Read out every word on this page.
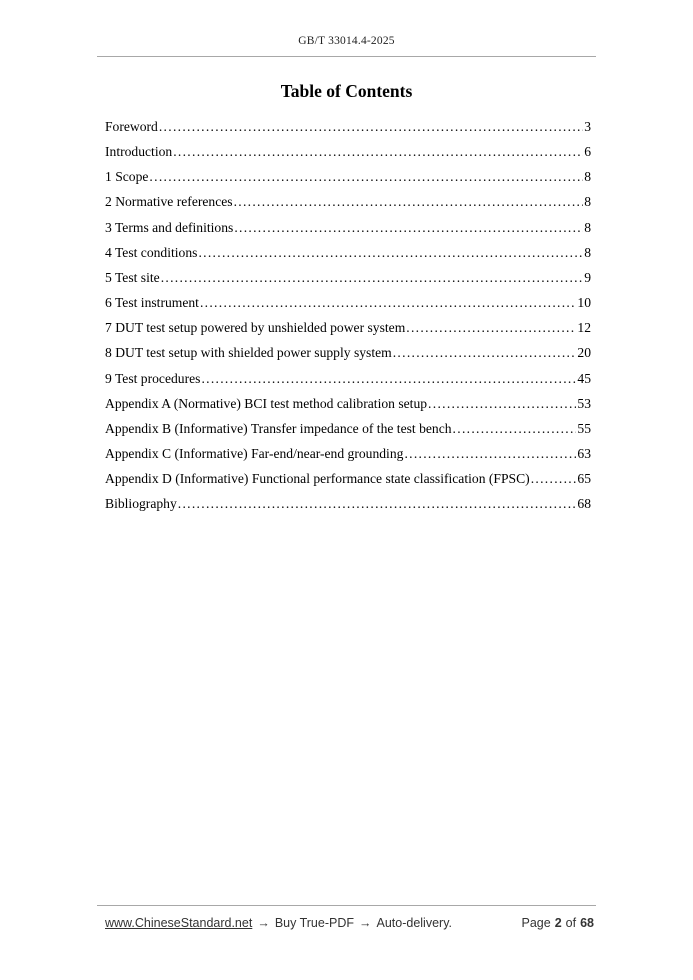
GB/T 33014.4-2025
Table of Contents
Foreword .....	3
Introduction .....	6
1 Scope .....	8
2 Normative references .....	8
3 Terms and definitions .....	8
4 Test conditions .....	8
5 Test site .....	9
6 Test instrument .....	10
7 DUT test setup powered by unshielded power system .....	12
8 DUT test setup with shielded power supply system .....	20
9 Test procedures .....	45
Appendix A (Normative) BCI test method calibration setup .....	53
Appendix B (Informative) Transfer impedance of the test bench .....	55
Appendix C (Informative) Far-end/near-end grounding .....	63
Appendix D (Informative) Functional performance state classification (FPSC) .....	65
Bibliography .....	68
www.ChineseStandard.net → Buy True-PDF → Auto-delivery.	Page 2 of 68
